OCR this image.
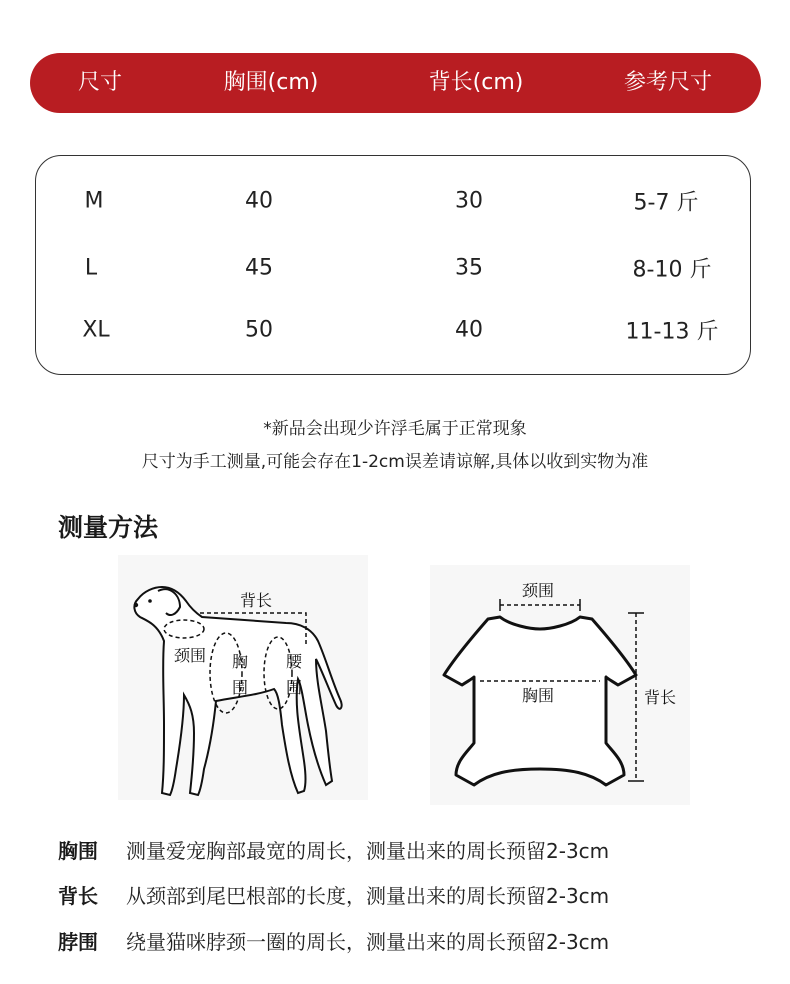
尺寸	胸围(cm)	背长(cm)	参考尺寸
M	40	30	5-7 斤
L	45	35	8-10 斤
XL	50	40	11-13 斤
*新品会出现少许浮毛属于正常现象
尺寸为手工测量,可能会存在1-2cm误差请谅解,具体以收到实物为准
测量方法
背长
颈围 胸
围
腰
围
颈围
胸围	背长
胸围 测量爱宠胸部最宽的周长，测量出来的周长预留2-3cm
背长 从颈部到尾巴根部的长度，测量出来的周长预留2-3cm
脖围 绕量猫咪脖颈一圈的周长，测量出来的周长预留2-3cm
